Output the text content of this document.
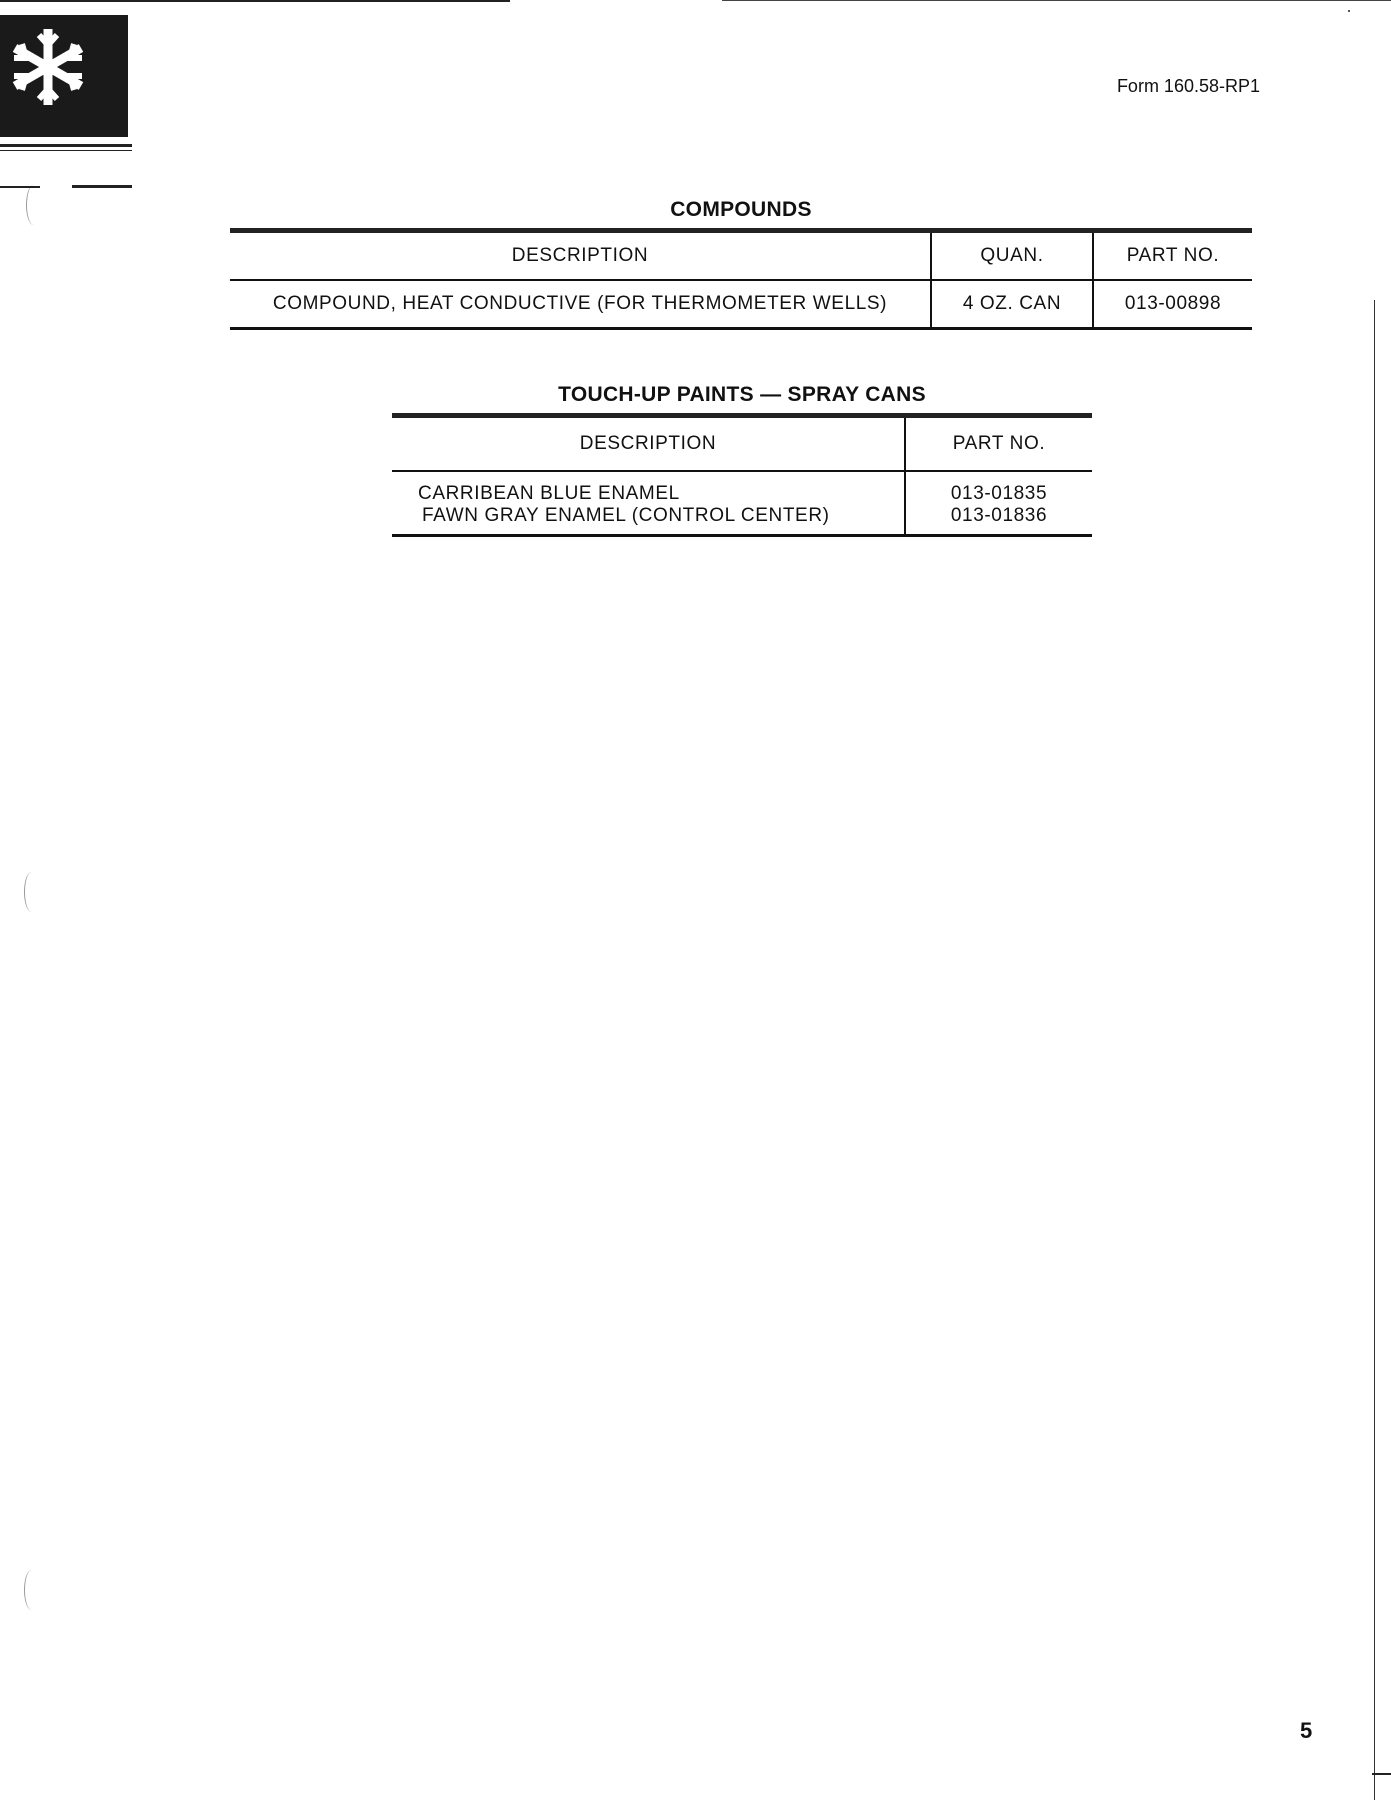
Form 160.58-RP1
COMPOUNDS
DESCRIPTION	QUAN.	PART NO.
COMPOUND, HEAT CONDUCTIVE (FOR THERMOMETER WELLS)	4 OZ. CAN	013-00898
TOUCH-UP PAINTS — SPRAY CANS
DESCRIPTION	PART NO.
CARRIBEAN BLUE ENAMEL	013-01835
FAWN GRAY ENAMEL (CONTROL CENTER)	013-01836
5
